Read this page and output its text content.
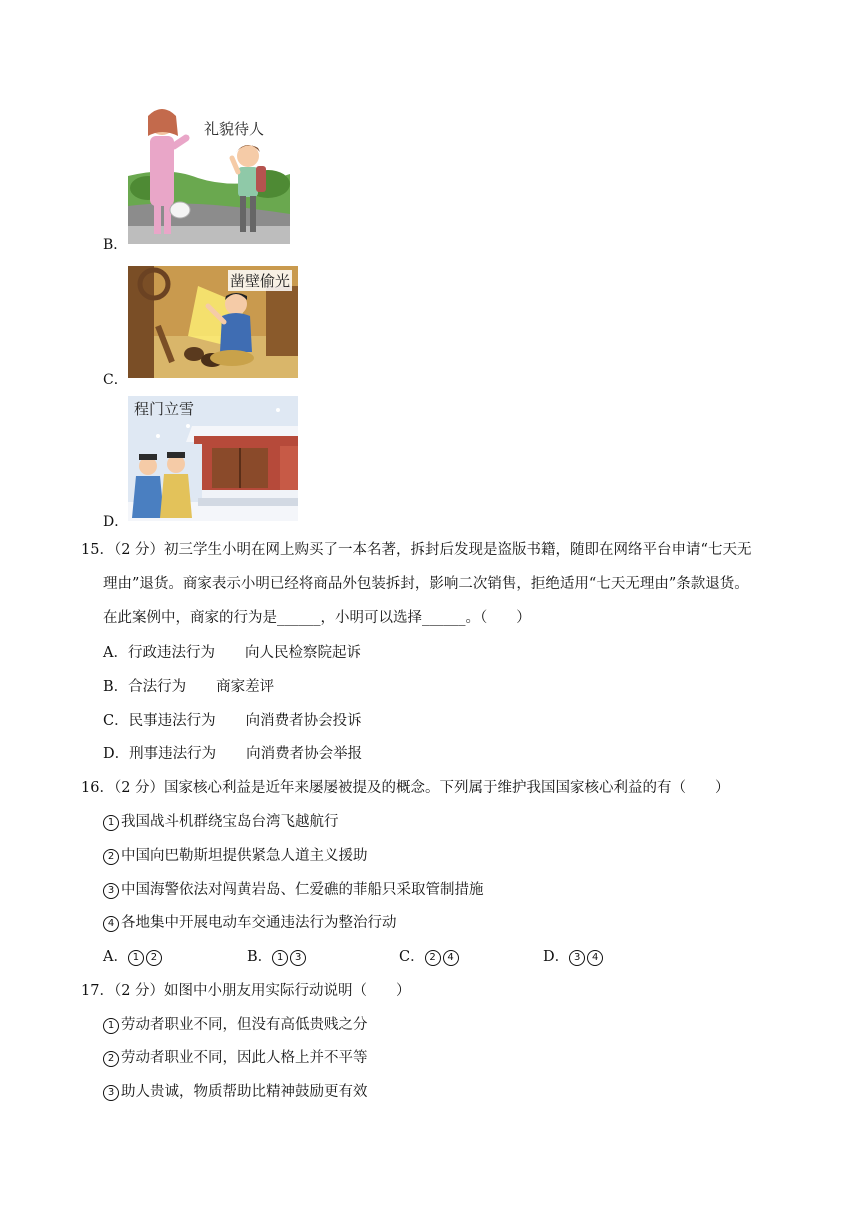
B．
礼貌待人
C．
凿壁偷光
D．
程门立雪
15．（2 分）初三学生小明在网上购买了一本名著，拆封后发现是盗版书籍，随即在网络平台申请“七天无
理由”退货。商家表示小明已经将商品外包装拆封，影响二次销售，拒绝适用“七天无理由”条款退货。
在此案例中，商家的行为是______，小明可以选择______。（　　）
A．行政违法行为 向人民检察院起诉
B．合法行为 商家差评
C．民事违法行为 向消费者协会投诉
D．刑事违法行为 向消费者协会举报
16．（2 分）国家核心利益是近年来屡屡被提及的概念。下列属于维护我国国家核心利益的有（　　）
1 我国战斗机群绕宝岛台湾飞越航行
2 中国向巴勒斯坦提供紧急人道主义援助
3 中国海警依法对闯黄岩岛、仁爱礁的菲船只采取管制措施
4 各地集中开展电动车交通违法行为整治行动
A． 1 2	B． 1 3	C． 2 4	D． 3 4
17．（2 分）如图中小朋友用实际行动说明（　　）
1 劳动者职业不同，但没有高低贵贱之分
2 劳动者职业不同，因此人格上并不平等
3 助人贵诚，物质帮助比精神鼓励更有效
